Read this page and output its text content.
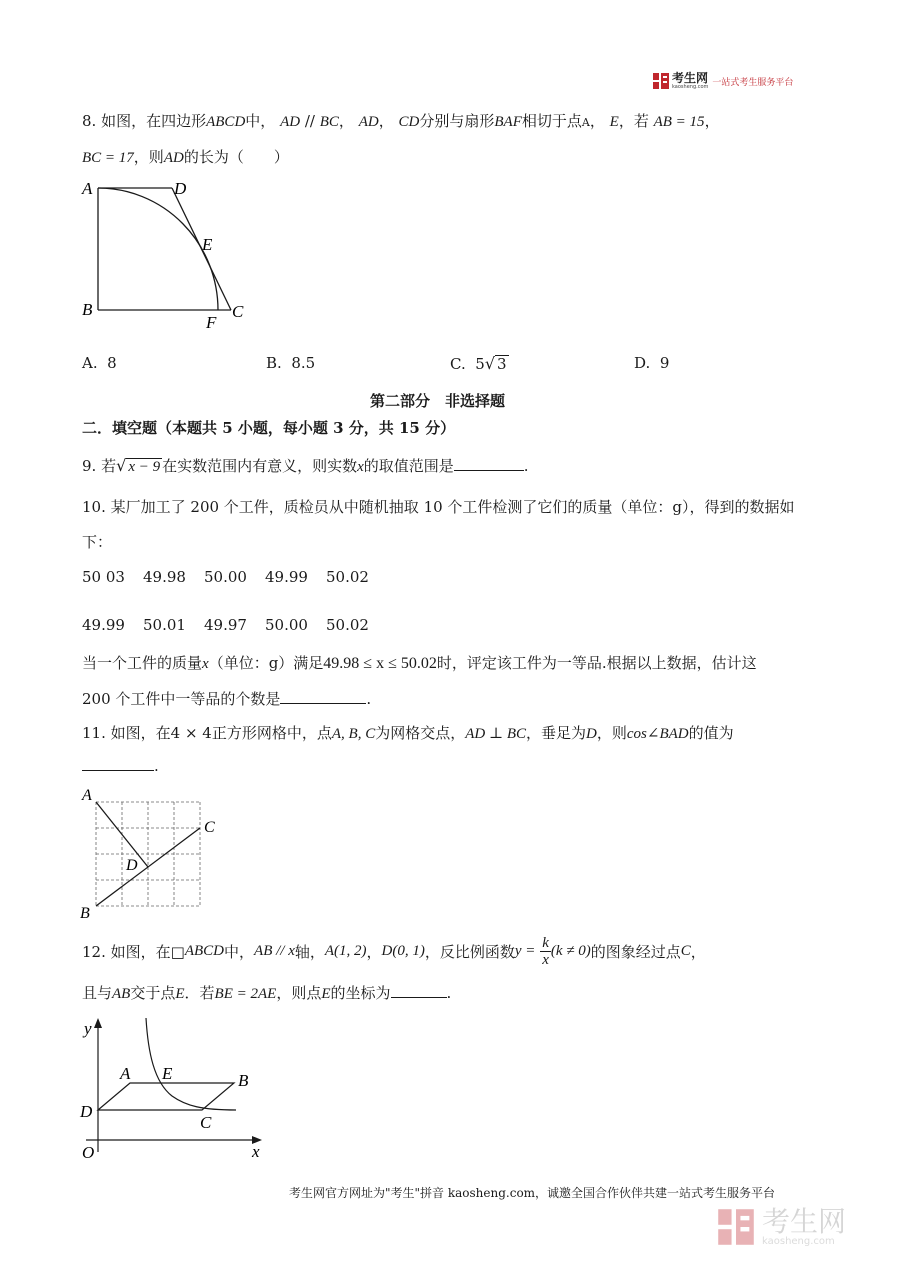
考生网
kaosheng.com 一站式考生服务平台
8. 如图，在四边形ABCD中， AD // BC， AD， CD分别与扇形BAF相切于点A， E，若 AB = 15，
BC = 17，则AD的长为（　　）
A	D
E
B
F
C
A. 8	B. 8.5	C. 5√ 3	D. 9
第二部分　非选择题
二．填空题（本题共 5 小题，每小题 3 分，共 15 分）
9. 若√ x − 9 在实数范围内有意义，则实数x的取值范围是	.
10. 某厂加工了 200 个工件，质检员从中随机抽取 10 个工件检测了它们的质量（单位：g），得到的数据如
下：
50 03 49.98 50.00 49.99 50.02
49.99 50.01 49.97 50.00 50.02
当一个工件的质量x（单位：g）满足49.98 ≤ x ≤ 50.02时，评定该工件为一等品.根据以上数据，估计这
200 个工件中一等品的个数是	.
11. 如图，在4 × 4正方形网格中，点A, B, C为网格交点，AD ⊥ BC，垂足为D，则cos∠BAD的值为
.
A
C
D
B
12.
如图，在 □ ABCD 中， AB // x 轴， A(1, 2) ， D(0, 1) ，反比例函数 y =
$\frac{k}{x} (k \ne 0)$ 的图象经过点 C ，
且与AB交于点E．若BE = 2AE，则点E的坐标为	.
y
x
O
D
A E	B
C
考生网官方网址为"考生"拼音 kaosheng.com，诚邀全国合作伙伴共建一站式考生服务平台
考生网
kaosheng.com
